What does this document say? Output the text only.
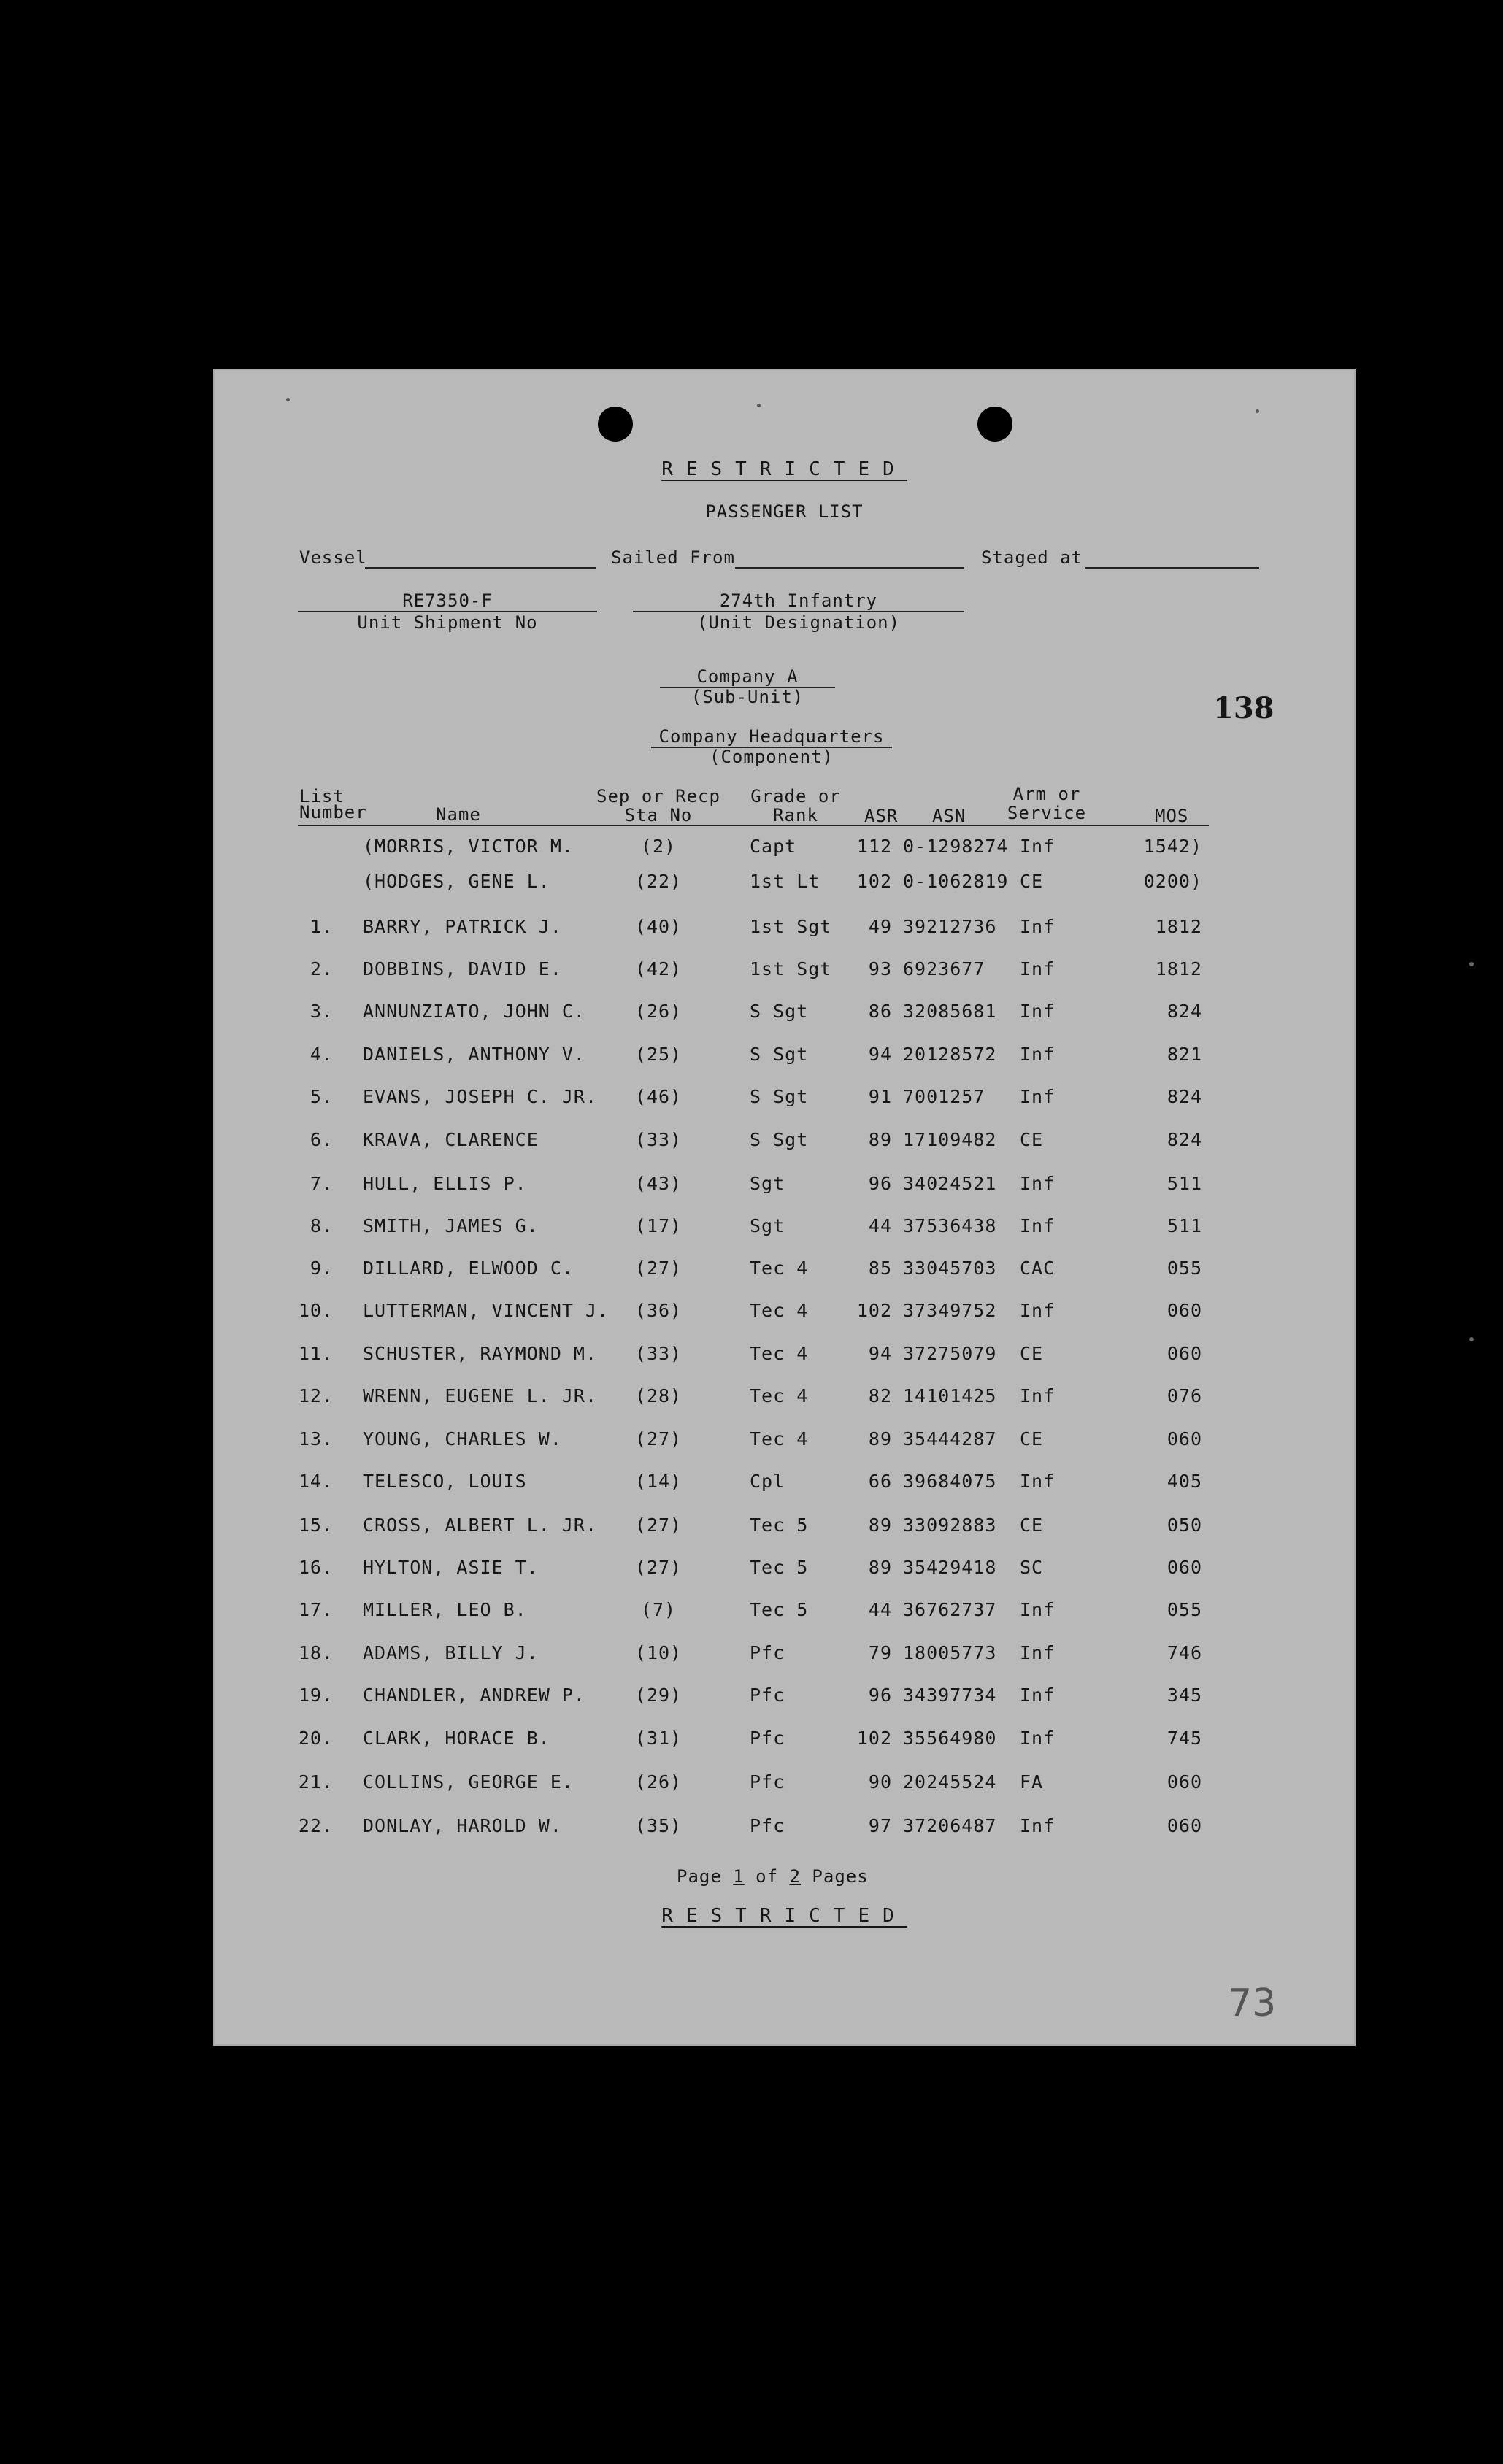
RESTRICTED
PASSENGER LIST
Vessel	Sailed From	Staged at
RE7350-F
Unit Shipment No
274th Infantry
(Unit Designation)
Company A
(Sub-Unit)	138
Company Headquarters
(Component)
List Number	Name
Sep or Recp Sta No
Grade or Rank	ASR ASN
Arm or Service	MOS
(MORRIS, VICTOR M.	(2)	Capt	112 0-1298274 Inf	1542)
(HODGES, GENE L.	(22)	1st Lt	102 0-1062819 CE	0200)
1. BARRY, PATRICK J.	(40)	1st Sgt	49 39212736	Inf	1812
2. DOBBINS, DAVID E.	(42)	1st Sgt	93 6923677	Inf	1812
3. ANNUNZIATO, JOHN C.	(26)	S Sgt	86 32085681	Inf	824
4. DANIELS, ANTHONY V.	(25)	S Sgt	94 20128572	Inf	821
5. EVANS, JOSEPH C. JR.	(46)	S Sgt	91 7001257	Inf	824
6. KRAVA, CLARENCE	(33)	S Sgt	89 17109482	CE	824
7. HULL, ELLIS P.	(43)	Sgt	96 34024521	Inf	511
8. SMITH, JAMES G.	(17)	Sgt	44 37536438	Inf	511
9. DILLARD, ELWOOD C.	(27)	Tec 4	85 33045703	CAC	055
10. LUTTERMAN, VINCENT J.	(36)	Tec 4	102 37349752	Inf	060
11. SCHUSTER, RAYMOND M.	(33)	Tec 4	94 37275079	CE	060
12. WRENN, EUGENE L. JR.	(28)	Tec 4	82 14101425	Inf	076
13. YOUNG, CHARLES W.	(27)	Tec 4	89 35444287	CE	060
14. TELESCO, LOUIS	(14)	Cpl	66 39684075	Inf	405
15. CROSS, ALBERT L. JR.	(27)	Tec 5	89 33092883	CE	050
16. HYLTON, ASIE T.	(27)	Tec 5	89 35429418	SC	060
17. MILLER, LEO B.	(7)	Tec 5	44 36762737	Inf	055
18. ADAMS, BILLY J.	(10)	Pfc	79 18005773	Inf	746
19. CHANDLER, ANDREW P.	(29)	Pfc	96 34397734	Inf	345
20. CLARK, HORACE B.	(31)	Pfc	102 35564980	Inf	745
21. COLLINS, GEORGE E.	(26)	Pfc	90 20245524	FA	060
22. DONLAY, HAROLD W.	(35)	Pfc	97 37206487	Inf	060
Page 1 of 2 Pages
RESTRICTED
73
